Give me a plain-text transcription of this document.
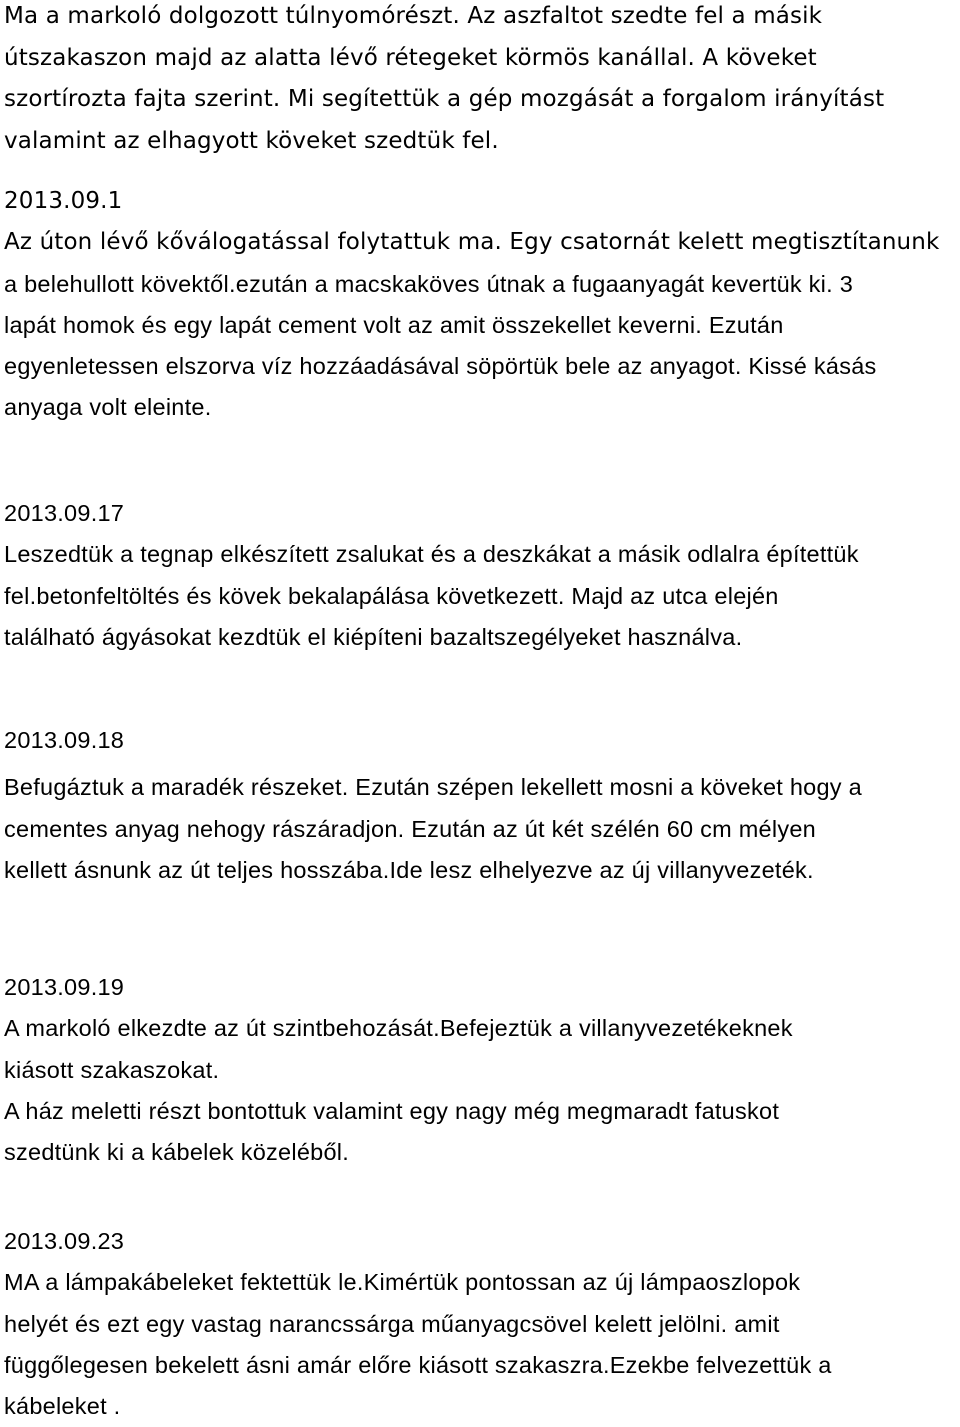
Ma a markoló dolgozott túlnyomórészt. Az aszfaltot szedte fel a másik
útszakaszon majd az alatta lévő rétegeket körmös kanállal. A köveket
szortírozta fajta szerint. Mi segítettük a gép mozgását a forgalom irányítást
valamint az elhagyott köveket szedtük fel.
2013.09.1
Az úton lévő kőválogatással folytattuk ma. Egy csatornát kelett megtisztítanunk
a belehullott kövektől.ezután a macskaköves útnak a fugaanyagát kevertük ki. 3
lapát homok és egy lapát cement volt az amit összekellet keverni. Ezután
egyenletessen elszorva víz hozzáadásával söpörtük bele az anyagot. Kissé kásás
anyaga volt eleinte.
2013.09.17
Leszedtük a tegnap elkészített zsalukat és a deszkákat a másik odlalra építettük
fel.betonfeltöltés és kövek bekalapálása következett. Majd az utca elején
található ágyásokat kezdtük el kiépíteni bazaltszegélyeket használva.
2013.09.18
Befugáztuk a maradék részeket. Ezután szépen lekellett mosni a köveket hogy a
cementes anyag nehogy rászáradjon. Ezután az út két szélén 60 cm mélyen
kellett ásnunk az út teljes hosszába.Ide lesz elhelyezve az új villanyvezeték.
2013.09.19
A markoló elkezdte az út szintbehozását.Befejeztük a villanyvezetékeknek
kiásott szakaszokat.
A ház meletti részt bontottuk valamint egy nagy még megmaradt fatuskot
szedtünk ki a kábelek közeléből.
2013.09.23
MA a lámpakábeleket fektettük le.Kimértük pontossan az új lámpaoszlopok
helyét és ezt egy vastag narancssárga műanyagcsövel kelett jelölni. amit
függőlegesen bekelett ásni amár előre kiásott szakaszra.Ezekbe felvezettük a
kábeleket .
